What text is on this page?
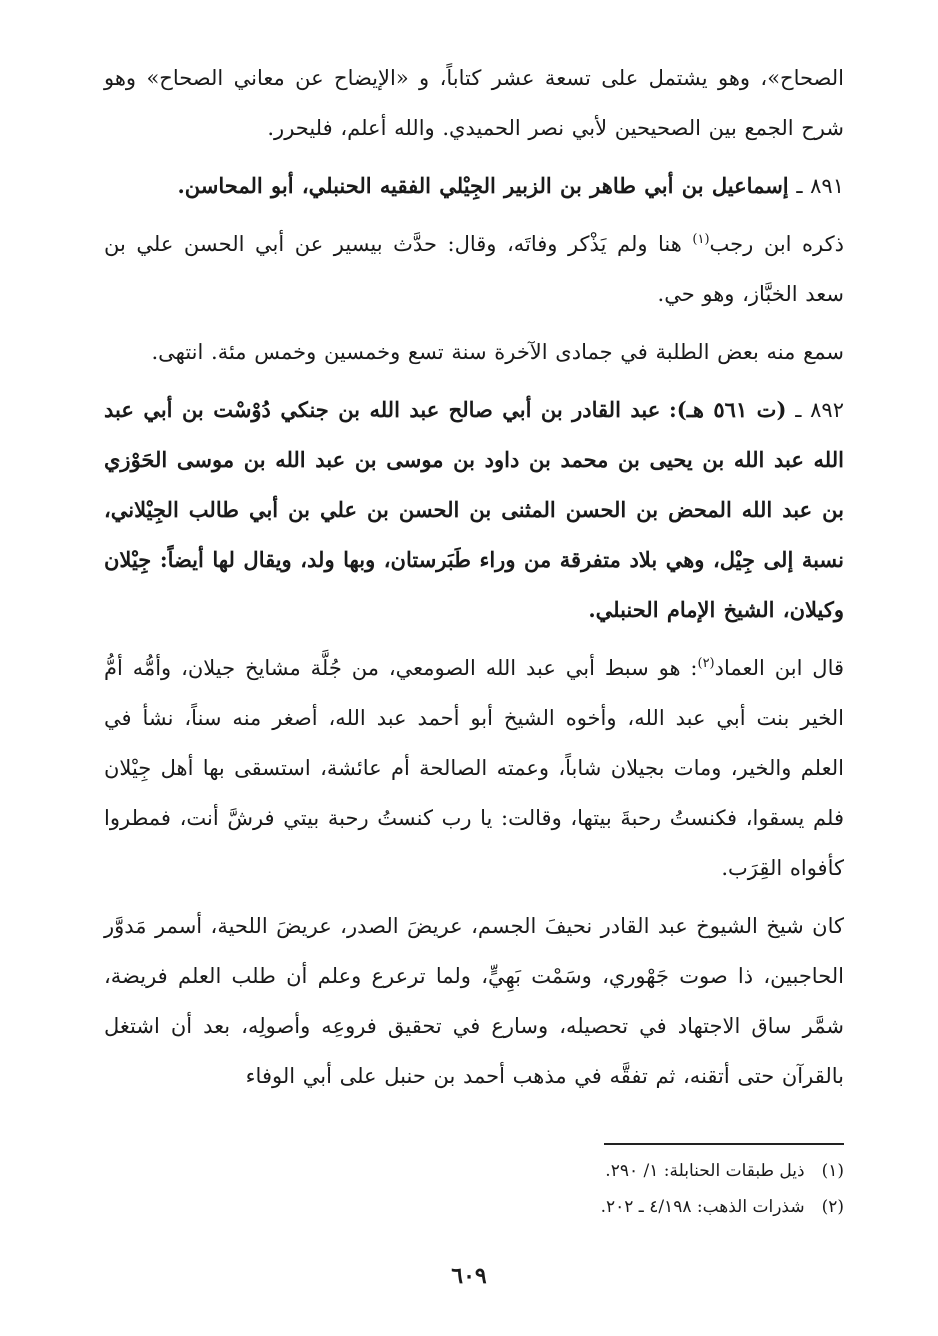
الصحاح»، وهو يشتمل على تسعة عشر كتاباً، و «الإيضاح عن معاني الصحاح» وهو شرح الجمع بين الصحيحين لأبي نصر الحميدي. والله أعلم، فليحرر.

٨٩١ ـ إسماعيل بن أبي طاهر بن الزبير الجِيْلي الفقيه الحنبلي، أبو المحاسن.

ذكره ابن رجب$^{(١)}$ هنا ولم يَذْكر وفاتَه، وقال: حدَّث بيسير عن أبي الحسن علي بن سعد الخبَّاز، وهو حي.

سمع منه بعض الطلبة في جمادى الآخرة سنة تسع وخمسين وخمس مئة. انتهى.

٨٩٢ ـ (ت ٥٦١ هـ): عبد القادر بن أبي صالح عبد الله بن جنكي دُوْسْت بن أبي عبد الله عبد الله بن يحيى بن محمد بن داود بن موسى بن عبد الله بن موسى الحَوْزي بن عبد الله المحض بن الحسن المثنى بن الحسن بن علي بن أبي طالب الجِيْلاني، نسبة إلى جِيْل، وهي بلاد متفرقة من وراء طَبَرستان، وبها ولد، ويقال لها أيضاً: جِيْلان وكيلان، الشيخ الإمام الحنبلي.

قال ابن العماد$^{(٢)}$: هو سبط أبي عبد الله الصومعي، من جُلَّة مشايخ جيلان، وأمُّه أمُّ الخير بنت أبي عبد الله، وأخوه الشيخ أبو أحمد عبد الله، أصغر منه سناً، نشأ في العلم والخير، ومات بجيلان شاباً، وعمته الصالحة أم عائشة، استسقى بها أهل جِيْلان فلم يسقوا، فكنستُ رحبةَ بيتها، وقالت: يا رب كنستُ رحبة بيتي فرشَّ أنت، فمطروا كأفواه القِرَب.

كان شيخ الشيوخ عبد القادر نحيفَ الجسم، عريضَ الصدر، عريضَ اللحية، أسمر مَدوَّر الحاجبين، ذا صوت جَهْوري، وسَمْت بَهِيٍّ، ولما ترعرع وعلم أن طلب العلم فريضة، شمَّر ساق الاجتهاد في تحصيله، وسارع في تحقيق فروعِه وأصولِه، بعد أن اشتغل بالقرآن حتى أتقنه، ثم تفقَّه في مذهب أحمد بن حنبل على أبي الوفاء

(١) ذيل طبقات الحنابلة: ١/ ٢٩٠.
(٢) شذرات الذهب: ٤/١٩٨ ـ ٢٠٢.
٦٠٩
